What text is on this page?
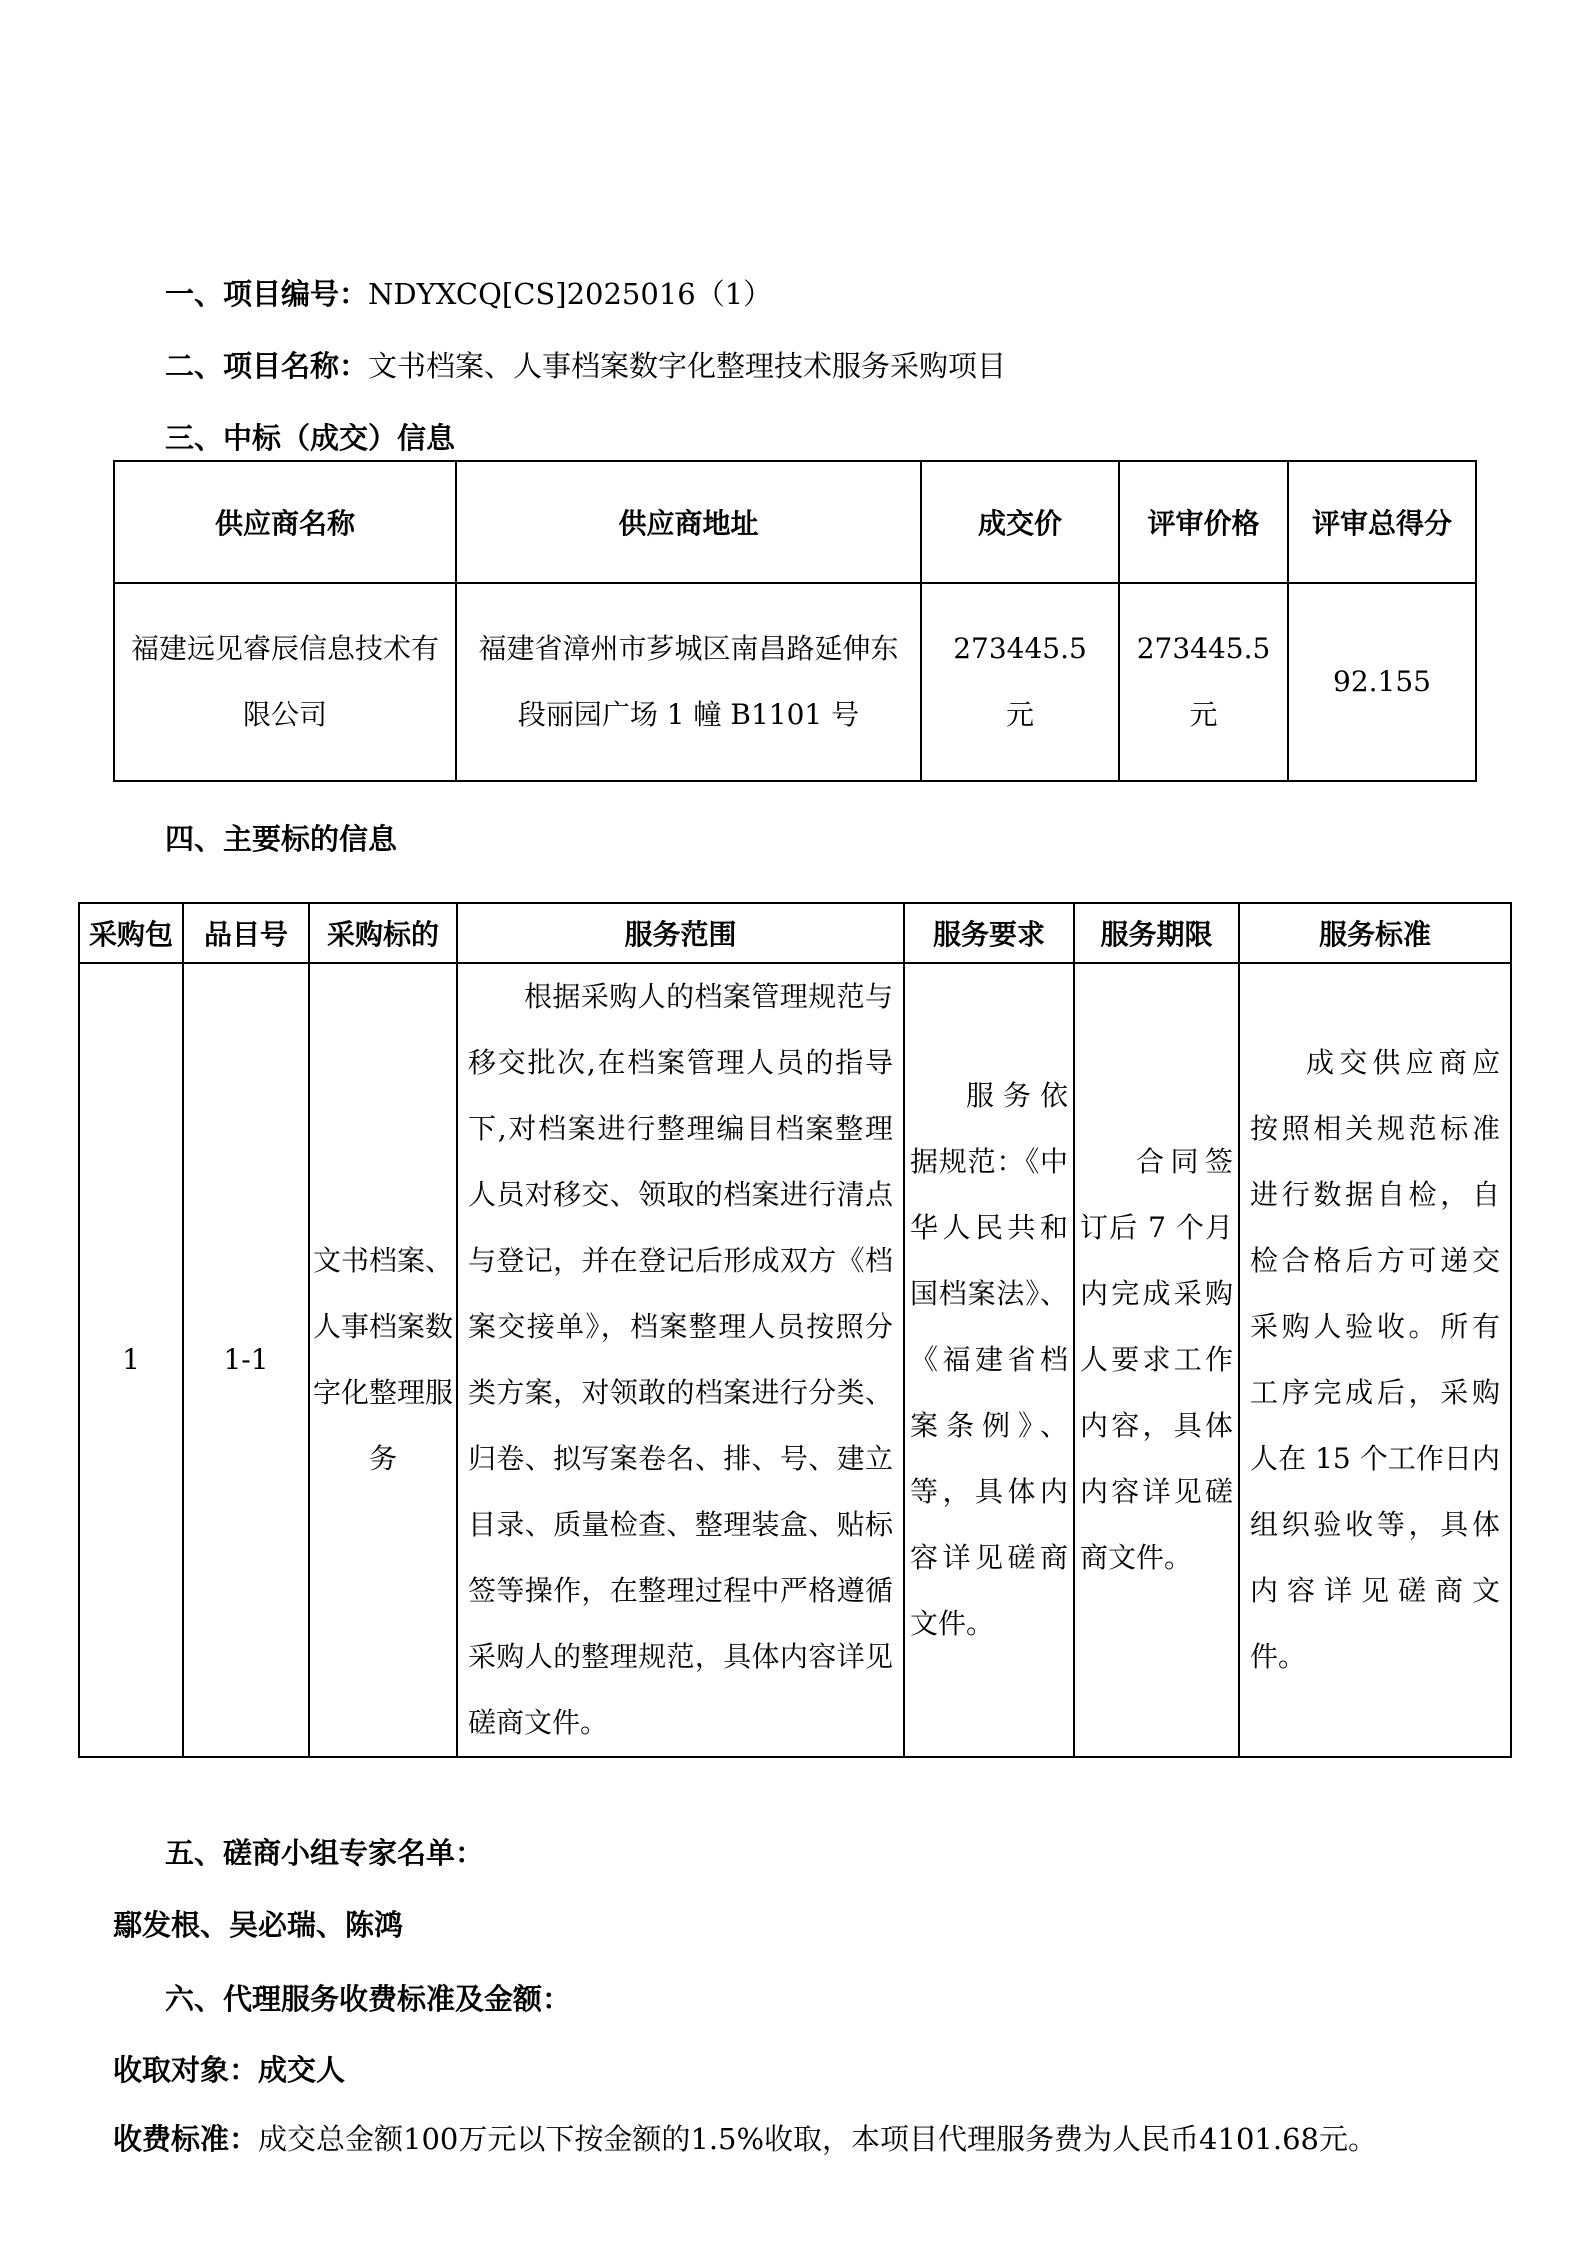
一、项目编号：NDYXCQ[CS]2025016（1）
二、项目名称：文书档案、人事档案数字化整理技术服务采购项目
三、中标（成交）信息
供应商名称	供应商地址	成交价	评审价格	评审总得分
福建远见睿辰信息技术有限公司	福建省漳州市芗城区南昌路延伸东段丽园广场 1 幢 B1101 号	273445.5 元	273445.5 元	92.155
四、主要标的信息
采购包	品目号	采购标的	服务范围	服务要求	服务期限	服务标准
1	1-1	文书档案、人事档案数字化整理服务	根据采购人的档案管理规范与移交批次,在档案管理人员的指导下,对档案进行整理编目档案整理人员对移交、领取的档案进行清点与登记，并在登记后形成双方《档案交接单》，档案整理人员按照分类方案，对领敢的档案进行分类、归卷、拟写案卷名、排、号、建立目录、质量检查、整理装盒、贴标签等操作，在整理过程中严格遵循采购人的整理规范，具体内容详见磋商文件。	服务依据规范：《中华人民共和国档案法》、《福建省档案条例》、等，具体内容详见磋商文件。	合同签订后 7 个月内完成采购人要求工作内容，具体内容详见磋商文件。	成交供应商应按照相关规范标准进行数据自检，自检合格后方可递交采购人验收。所有工序完成后，采购人在 15 个工作日内组织验收等，具体内容详见磋商文件。
五、磋商小组专家名单：
鄢发根、吴必瑞、陈鸿
六、代理服务收费标准及金额：
收取对象：成交人
收费标准：成交总金额100万元以下按金额的1.5%收取，本项目代理服务费为人民币4101.68元。
